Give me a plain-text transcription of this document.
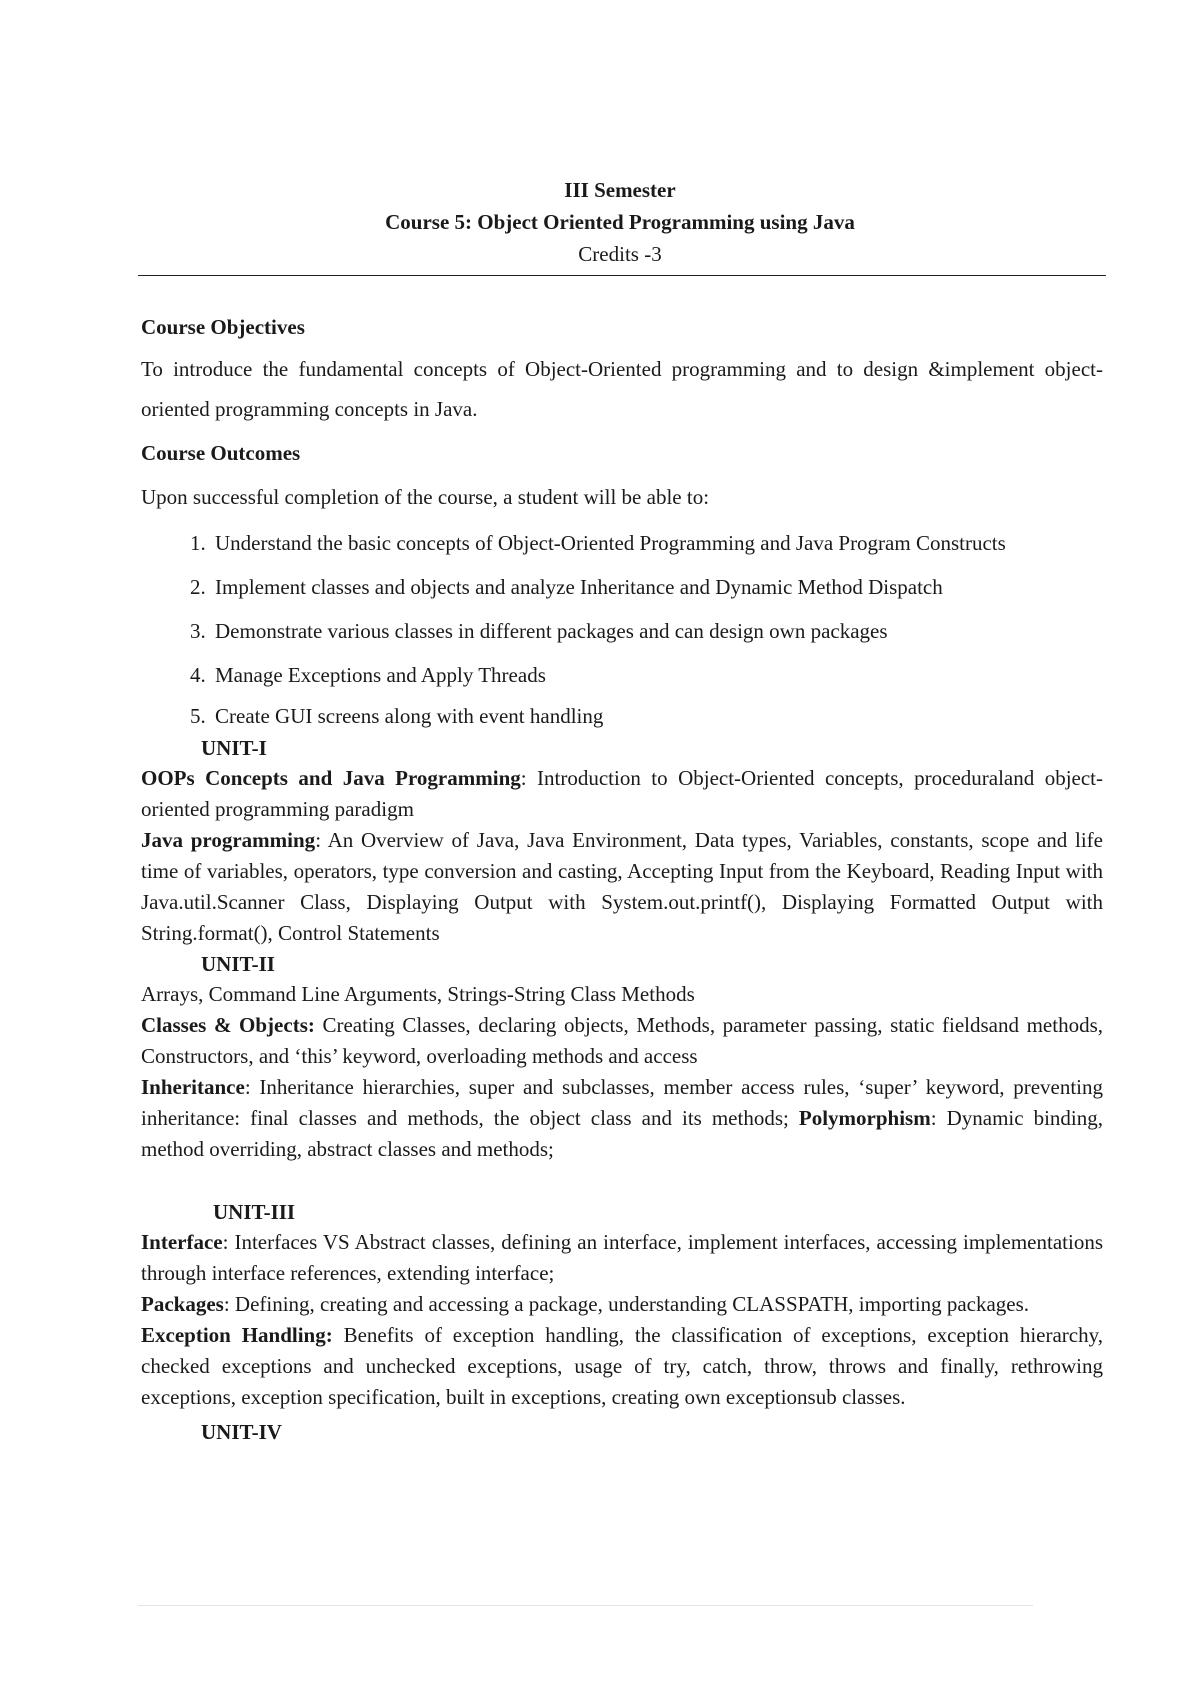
III Semester
Course 5: Object Oriented Programming using Java
Credits -3

Course Objectives

To introduce the fundamental concepts of Object-Oriented programming and to design &implement object-oriented programming concepts in Java.

Course Outcomes

Upon successful completion of the course, a student will be able to:

1. Understand the basic concepts of Object-Oriented Programming and Java Program Constructs
2. Implement classes and objects and analyze Inheritance and Dynamic Method Dispatch
3. Demonstrate various classes in different packages and can design own packages
4. Manage Exceptions and Apply Threads
5. Create GUI screens along with event handling

UNIT-I

OOPs Concepts and Java Programming: Introduction to Object-Oriented concepts, proceduraland object-oriented programming paradigm

Java programming: An Overview of Java, Java Environment, Data types, Variables, constants, scope and life time of variables, operators, type conversion and casting, Accepting Input from the Keyboard, Reading Input with Java.util.Scanner Class, Displaying Output with System.out.printf(), Displaying Formatted Output with String.format(), Control Statements

UNIT-II

Arrays, Command Line Arguments, Strings-String Class Methods

Classes & Objects: Creating Classes, declaring objects, Methods, parameter passing, static fieldsand methods, Constructors, and ‘this’ keyword, overloading methods and access

Inheritance: Inheritance hierarchies, super and subclasses, member access rules, ‘super’ keyword, preventing inheritance: final classes and methods, the object class and its methods; Polymorphism: Dynamic binding, method overriding, abstract classes and methods;

UNIT-III

Interface: Interfaces VS Abstract classes, defining an interface, implement interfaces, accessing implementations through interface references, extending interface;

Packages: Defining, creating and accessing a package, understanding CLASSPATH, importing packages.

Exception Handling: Benefits of exception handling, the classification of exceptions, exception hierarchy, checked exceptions and unchecked exceptions, usage of try, catch, throw, throws and finally, rethrowing exceptions, exception specification, built in exceptions, creating own exceptionsub classes.

UNIT-IV
